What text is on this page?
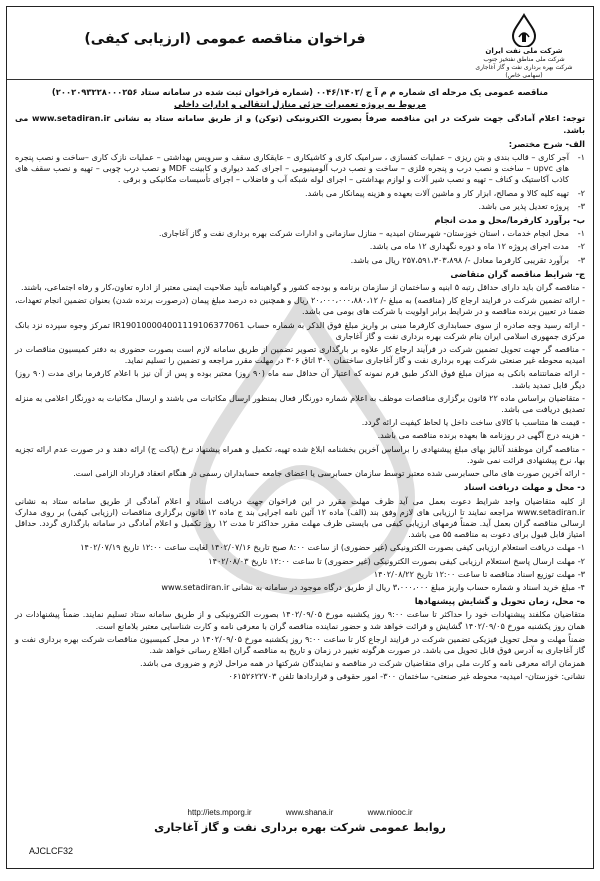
شرکت ملی نفت ایران
شرکت ملی مناطق نفتخیز جنوب
شرکت بهره برداری نفت و گاز آغاجاری (سهامی خاص)
فراخوان مناقصه عمومی (ارزیابی کیفی)
مناقصه عمومی یک مرحله ای شماره م م آ ج /۰۰۴۶/۱۴۰۲ (شماره فراخوان ثبت شده در سامانه ستاد ۲۰۰۲۰۹۳۲۲۸۰۰۰۲۵۶)
مربوط به پروژه تعمیرات جزئی منازل انتقالی و ادارات داخلی
توجه: اعلام آمادگی جهت شرکت در این مناقصه صرفاً بصورت الکترونیکی (توکن) و از طریق سامانه ستاد به نشانی www.setadiran.ir می باشد.
الف- شرح مختصر:
۱-
آجر کاری – قالب بندی و بتن ریزی – عملیات کفسازی ، سرامیک کاری و کاشیکاری – عایقکاری سقف و سرویس بهداشتی – عملیات نازک کاری –ساخت و نصب پنجره های upvc – ساخت و نصب درب و پنجره فلزی – ساخت و نصب درب آلومینیومی – اجرای کمد دیواری و کابینت MDF و نصب درب چوبی – تهیه و نصب سقف های کاذب آکاستیک و کناف – تهیه و نصب شیر آلات و لوازم بهداشتی – اجرای لوله شبکه آب و فاضلاب – اجرای تأسیسات مکانیکی و برقی .
۲-
تهیه کلیه کالا و مصالح، ابزار کار و ماشین آلات بعهده و هزینه پیمانکار می باشد.
۳-
پروژه تعدیل پذیر می باشد.
ب- برآورد کارفرما/محل و مدت انجام
۱-
محل انجام خدمات ، استان خوزستان- شهرستان امیدیه – منازل سازمانی و ادارات شرکت بهره برداری نفت و گاز آغاجاری.
۲-
مدت اجرای پروژه ۱۲ ماه و دوره نگهداری ۱۲ ماه می باشد.
۳-
برآورد تقریبی کارفرما معادل -/ ۲۵۷،۵۹۱،۳۰۳،۸۹۸ ریال می باشد.
ج- شرایط مناقصه گران متقاضی
- مناقصه گران باید دارای حداقل رتبه ۵ ابنیه و ساختمان از سازمان برنامه و بودجه کشور و گواهینامه تأیید صلاحیت ایمنی معتبر از اداره تعاون،کار و رفاه اجتماعی، باشند.
- ارائه تضمین شرکت در فرایند ارجاع کار (مناقصه) به مبلغ -/ ۲۰،۰۰۰،۰۰۰،۸۸۰،۱۲ ریال و همچنین ده درصد مبلغ پیمان (درصورت برنده شدن) بعنوان تضمین انجام تعهدات، ضمنا در تعیین برنده مناقصه و در شرایط برابر اولویت با شرکت های بومی می باشد.
- ارائه رسید وجه صادره از سوی حسابداری کارفرما مبنی بر واریز مبلغ فوق الذکر به شماره حساب IR190100004001119106377061 تمرکز وجوه سپرده نزد بانک مرکزی جمهوری اسلامی ایران بنام شرکت بهره برداری نفت و گاز آغاجاری
- مناقصه گر جهت تحویل تضمین شرکت در فرآیند ارجاع کار علاوه بر بارگذاری تصویر تضمین از طریق سامانه لازم است بصورت حضوری به دفتر کمیسیون مناقصات در امیدیه محوطه غیر صنعتی شرکت بهره برداری نفت و گاز آغاجاری ساختمان ۳۰۰ اتاق ۳۰۶ در مهلت مقرر مراجعه و تضمین را تسلیم نماید.
- ارائه ضمانتنامه بانکی به میزان مبلغ فوق الذکر طبق فرم نمونه که اعتبار آن حداقل سه ماه (۹۰ روز) معتبر بوده و پس از آن نیز با اعلام کارفرما برای مدت (۹۰ روز) دیگر قابل تمدید باشد.
- متقاضیان براساس ماده ۲۲ قانون برگزاری مناقصات موظف به اعلام شماره دورنگار فعال بمنظور ارسال مکاتبات می باشند و ارسال مکاتبات به دورنگار اعلامی به منزله تصدیق دریافت می باشد.
- قیمت ها متناسب با کالای ساخت داخل یا لحاظ کیفیت ارائه گردد.
- هزینه درج آگهی در روزنامه ها بعهده برنده مناقصه می باشد.
- مناقصه گران موظفند آنالیز بهای مبلغ پیشنهادی را براساس آخرین بخشنامه ابلاغ شده تهیه، تکمیل و همراه پیشنهاد نرخ (پاکت ج) ارائه دهند و در صورت عدم ارائه تجزیه بها، نرخ پیشنهادی قرائت نمی شود.
- ارائه آخرین صورت های مالی حسابرسی شده معتبر توسط سازمان حسابرسی یا اعضای جامعه حسابداران رسمی در هنگام انعقاد قرارداد الزامی است.
د- محل و مهلت دریافت اسناد
از کلیه متقاضیان واجد شرایط دعوت بعمل می آید ظرف مهلت مقرر در این فراخوان جهت دریافت اسناد و اعلام آمادگی از طریق سامانه ستاد به نشانی www.setadiran.ir مراجعه نمایند تا ارزیابی های لازم وفق بند (الف) ماده ۱۲ آئین نامه اجرایی بند ج ماده ۱۲ قانون برگزاری مناقصات (ارزیابی کیفی) بر روی مدارک ارسالی مناقصه گران بعمل آید. ضمناً فرمهای ارزیابی کیفی می بایستی ظرف مهلت مقرر حداکثر تا مدت ۱۲ روز تکمیل و اعلام آمادگی در سامانه بارگذاری گردد. حداقل امتیاز قابل قبول برای دعوت به مناقصه ۵۵ می باشد.
۱- مهلت دریافت استعلام ارزیابی کیفی بصورت الکترونیکی (غیر حضوری) از ساعت ۸:۰۰ صبح تاریخ ۱۴۰۲/۰۷/۱۶ لغایت ساعت ۱۲:۰۰ تاریخ ۱۴۰۲/۰۷/۱۹
۲- مهلت ارسال پاسخ استعلام ارزیابی کیفی بصورت الکترونیکی (غیر حضوری) تا ساعت ۱۲:۰۰ تاریخ ۱۴۰۲/۰۸/۰۳
۳- مهلت توزیع اسناد مناقصه تا ساعت ۱۲:۰۰ تاریخ ۱۴۰۲/۰۸/۲۲
۴- مبلغ خرید اسناد و شماره حساب واریز مبلغ ۳،۰۰۰،۰۰۰ ریال از طریق درگاه موجود در سامانه به نشانی www.setadiran.ir
ه- محل، زمان تحویل و گشایش پیشنهادها
متقاضیان مکلفند پیشنهادات خود را حداکثر تا ساعت ۹:۰۰ روز یکشنبه مورخ ۱۴۰۲/۰۹/۰۵ بصورت الکترونیکی و از طریق سامانه ستاد تسلیم نمایند. ضمناً پیشنهادات در همان روز یکشنبه مورخ ۱۴۰۲/۰۹/۰۵ گشایش و قرائت خواهد شد و حضور نماینده مناقصه گران با معرفی نامه و کارت شناسایی معتبر بلامانع است.
ضمناً مهلت و محل تحویل فیزیکی تضمین شرکت در فرایند ارجاع کار تا ساعت ۹:۰۰ روز یکشنبه مورخ ۱۴۰۲/۰۹/۰۵ در محل کمیسیون مناقصات شرکت بهره برداری نفت و گاز آغاجاری به آدرس فوق قابل تحویل می باشد. در صورت هرگونه تغییر در زمان و تاریخ به مناقصه گران اطلاع رسانی خواهد شد.
همزمان ارائه معرفی نامه و کارت ملی برای متقاضیان شرکت در مناقصه و نمایندگان شرکتها در همه مراحل لازم و ضروری می باشد.
نشانی: خوزستان- امیدیه- محوطه غیر صنعتی- ساختمان ۳۰۰- امور حقوقی و قراردادها تلفن ۰۶۱۵۲۶۲۲۷۰۳
http://iets.mporg.ir	www.shana.ir	www.niooc.ir
روابط عمومی شرکت بهره برداری نفت و گاز آغاجاری
AJCLCF32
